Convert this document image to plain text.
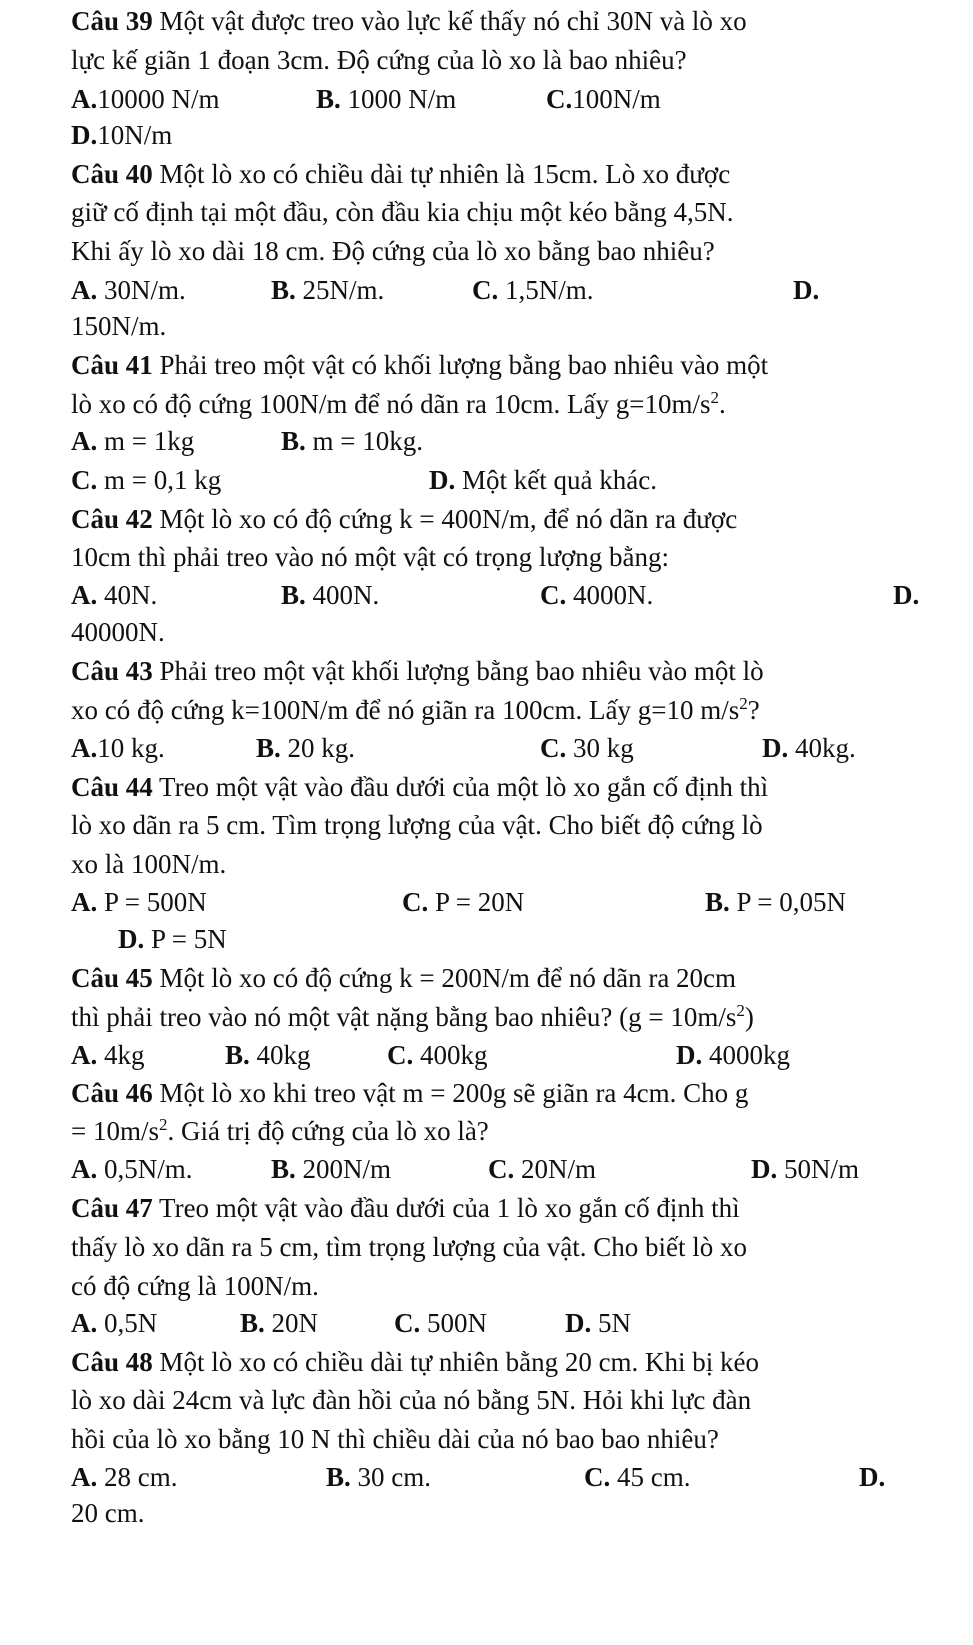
Câu 39 Một vật được treo vào lực kế thấy nó chỉ 30N và lò xo
lực kế giãn 1 đoạn 3cm. Độ cứng của lò xo là bao nhiêu?
A.10000 N/m	B. 1000 N/m	C.100N/m
D.10N/m
Câu 40 Một lò xo có chiều dài tự nhiên là 15cm. Lò xo được
giữ cố định tại một đầu, còn đầu kia chịu một kéo bằng 4,5N.
Khi ấy lò xo dài 18 cm. Độ cứng của lò xo bằng bao nhiêu?
A. 30N/m.	B. 25N/m.	C. 1,5N/m.	D.
150N/m.
Câu 41 Phải treo một vật có khối lượng bằng bao nhiêu vào một
lò xo có độ cứng 100N/m để nó dãn ra 10cm. Lấy $g=10m/s^2$.
A. m = 1kg	B. m = 10kg.
C. m = 0,1 kg	D. Một kết quả khác.
Câu 42 Một lò xo có độ cứng k = 400N/m, để nó dãn ra được
10cm thì phải treo vào nó một vật có trọng lượng bằng:
A. 40N.	B. 400N.	C. 4000N.	D.
40000N.
Câu 43 Phải treo một vật khối lượng bằng bao nhiêu vào một lò
xo có độ cứng k=100N/m để nó giãn ra 100cm. Lấy g=10 $m/s^2$?
A.10 kg.	B. 20 kg.	C. 30 kg	D. 40kg.
Câu 44 Treo một vật vào đầu dưới của một lò xo gắn cố định thì
lò xo dãn ra 5 cm. Tìm trọng lượng của vật. Cho biết độ cứng lò
xo là 100N/m.
A. P = 500N	C. P = 20N	B. P = 0,05N
D. P = 5N
Câu 45 Một lò xo có độ cứng k = 200N/m để nó dãn ra 20cm
thì phải treo vào nó một vật nặng bằng bao nhiêu? $(g = 10m/s^2)$
A. 4kg	B. 40kg	C. 400kg	D. 4000kg
Câu 46 Một lò xo khi treo vật m = 200g sẽ giãn ra 4cm. Cho g
= $10m/s^2$. Giá trị độ cứng của lò xo là?
A. 0,5N/m.	B. 200N/m	C. 20N/m	D. 50N/m
Câu 47 Treo một vật vào đầu dưới của 1 lò xo gắn cố định thì
thấy lò xo dãn ra 5 cm, tìm trọng lượng của vật. Cho biết lò xo
có độ cứng là 100N/m.
A. 0,5N	B. 20N	C. 500N	D. 5N
Câu 48 Một lò xo có chiều dài tự nhiên bằng 20 cm. Khi bị kéo
lò xo dài 24cm và lực đàn hồi của nó bằng 5N. Hỏi khi lực đàn
hồi của lò xo bằng 10 N thì chiều dài của nó bao bao nhiêu?
A. 28 cm.	B. 30 cm.	C. 45 cm.	D.
20 cm.
